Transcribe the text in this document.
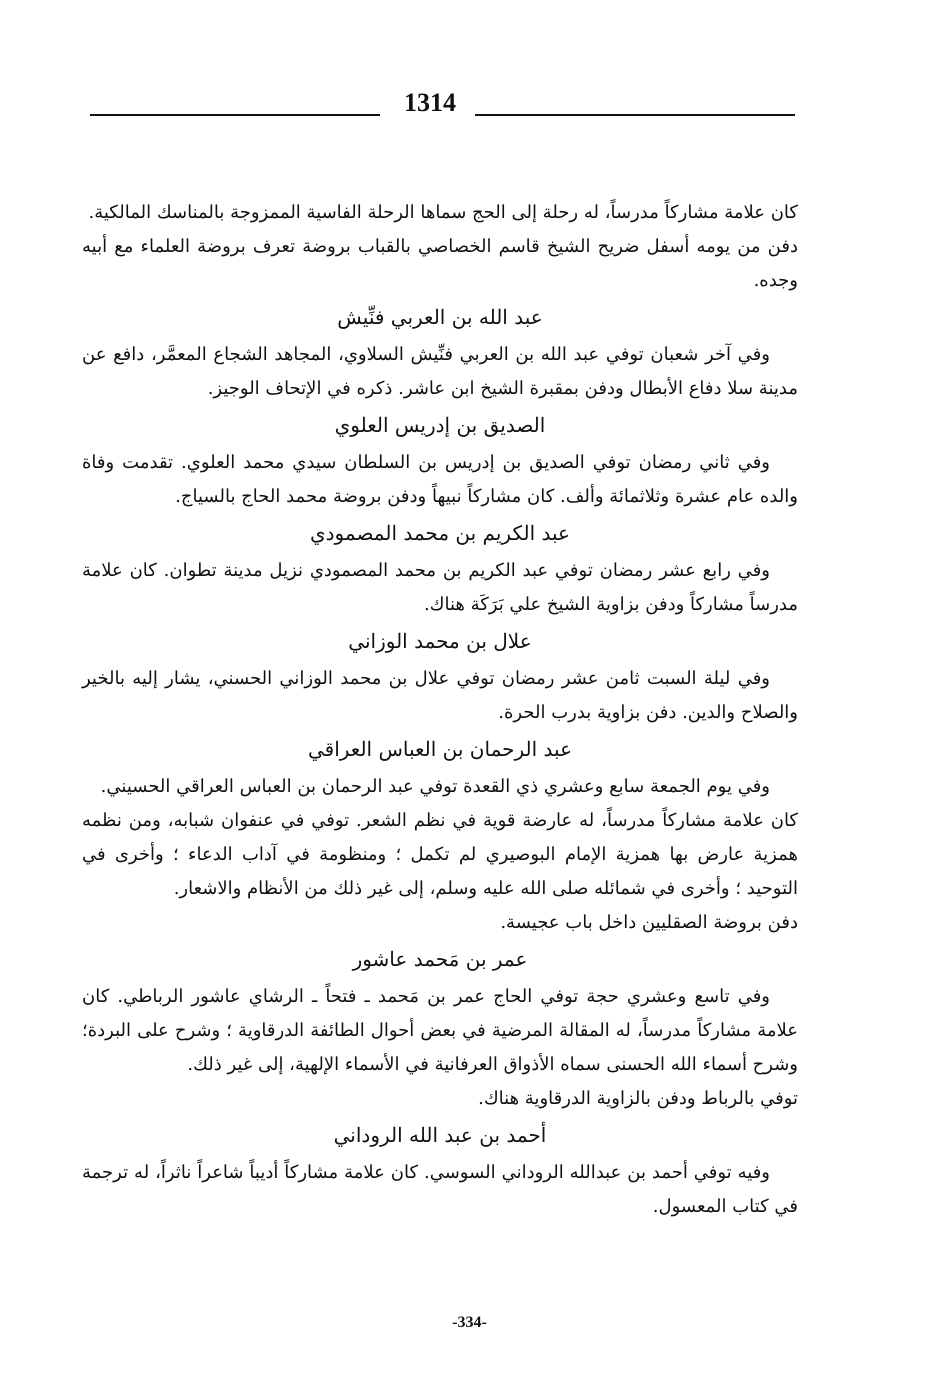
1314

كان علامة مشاركاً مدرساً، له رحلة إلى الحج سماها الرحلة الفاسية الممزوجة بالمناسك المالكية.

دفن من يومه أسفل ضريح الشيخ قاسم الخصاصي بالقباب بروضة تعرف بروضة العلماء مع أبيه وجده.

عبد الله بن العربي فنِّيش

وفي آخر شعبان توفي عبد الله بن العربي فنِّيش السلاوي، المجاهد الشجاع المعمَّر، دافع عن مدينة سلا دفاع الأبطال ودفن بمقبرة الشيخ ابن عاشر. ذكره في الإتحاف الوجيز.

الصديق بن إدريس العلوي

وفي ثاني رمضان توفي الصديق بن إدريس بن السلطان سيدي محمد العلوي. تقدمت وفاة والده عام عشرة وثلاثمائة وألف. كان مشاركاً نبيهاً ودفن بروضة محمد الحاج بالسياج.

عبد الكريم بن محمد المصمودي

وفي رابع عشر رمضان توفي عبد الكريم بن محمد المصمودي نزيل مدينة تطوان. كان علامة مدرساً مشاركاً ودفن بزاوية الشيخ علي بَرَكَة هناك.

علال بن محمد الوزاني

وفي ليلة السبت ثامن عشر رمضان توفي علال بن محمد الوزاني الحسني، يشار إليه بالخير والصلاح والدين. دفن بزاوية بدرب الحرة.

عبد الرحمان بن العباس العراقي

وفي يوم الجمعة سابع وعشري ذي القعدة توفي عبد الرحمان بن العباس العراقي الحسيني.

كان علامة مشاركاً مدرساً، له عارضة قوية في نظم الشعر. توفي في عنفوان شبابه، ومن نظمه همزية عارض بها همزية الإمام البوصيري لم تكمل ؛ ومنظومة في آداب الدعاء ؛ وأخرى في التوحيد ؛ وأخرى في شمائله صلى الله عليه وسلم، إلى غير ذلك من الأنظام والاشعار.

دفن بروضة الصقليين داخل باب عجيسة.

عمر بن مَحمد عاشور

وفي تاسع وعشري حجة توفي الحاج عمر بن مَحمد ـ فتحاً ـ الرشاي عاشور الرباطي. كان علامة مشاركاً مدرساً، له المقالة المرضية في بعض أحوال الطائفة الدرقاوية ؛ وشرح على البردة؛ وشرح أسماء الله الحسنى سماه الأذواق العرفانية في الأسماء الإلهية، إلى غير ذلك.

توفي بالرباط ودفن بالزاوية الدرقاوية هناك.

أحمد بن عبد الله الروداني

وفيه توفي أحمد بن عبدالله الروداني السوسي. كان علامة مشاركاً أديباً شاعراً ناثراً، له ترجمة في كتاب المعسول.

-334-
